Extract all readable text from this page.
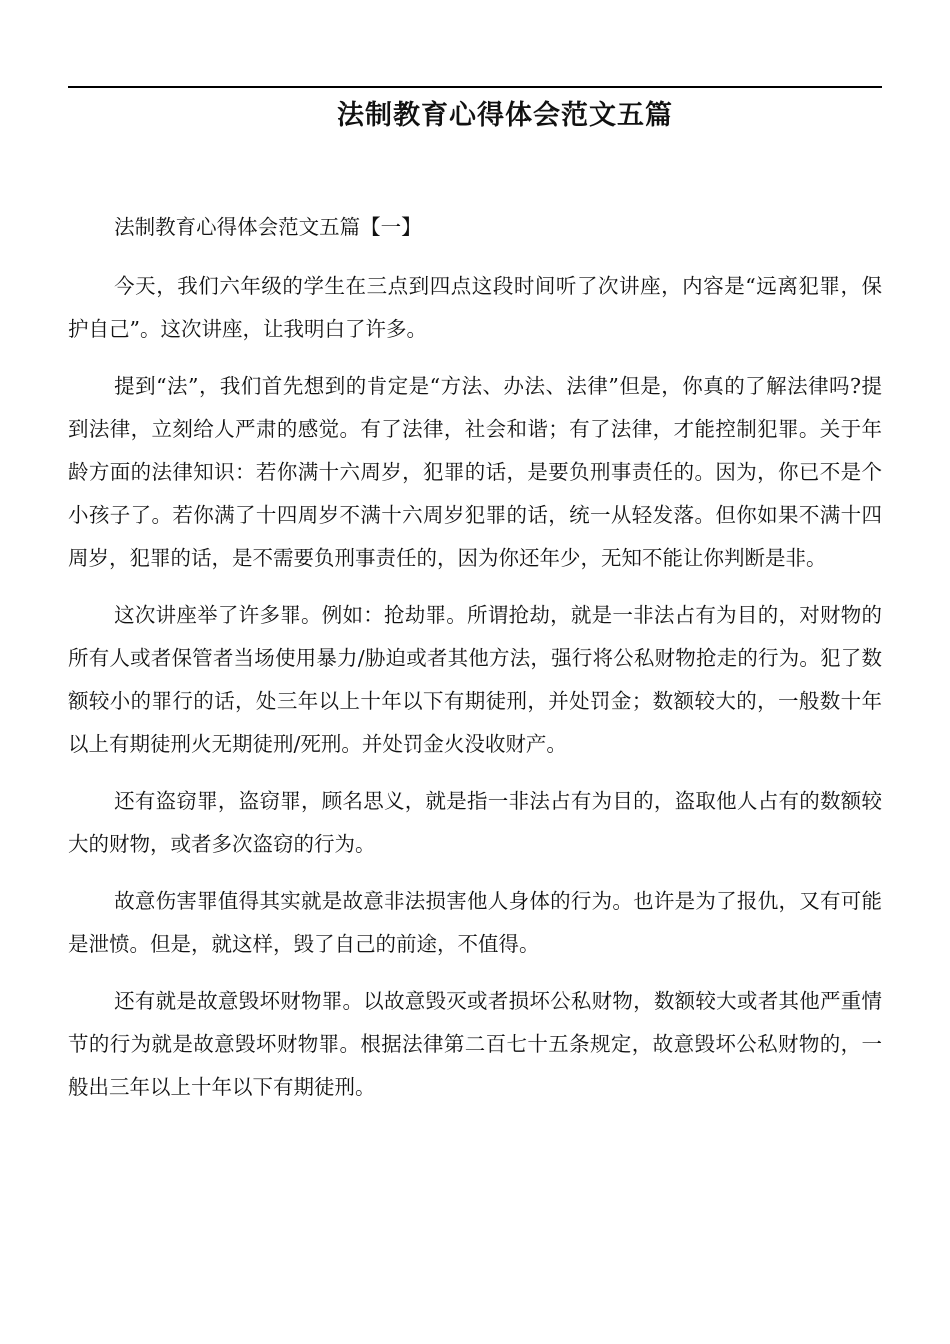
法制教育心得体会范文五篇

法制教育心得体会范文五篇【一】

今天，我们六年级的学生在三点到四点这段时间听了次讲座，内容是“远离犯罪，保护自己”。这次讲座，让我明白了许多。

提到“法”，我们首先想到的肯定是“方法、办法、法律”但是，你真的了解法律吗?提到法律，立刻给人严肃的感觉。有了法律，社会和谐；有了法律，才能控制犯罪。关于年龄方面的法律知识：若你满十六周岁，犯罪的话，是要负刑事责任的。因为，你已不是个小孩子了。若你满了十四周岁不满十六周岁犯罪的话，统一从轻发落。但你如果不满十四周岁，犯罪的话，是不需要负刑事责任的，因为你还年少，无知不能让你判断是非。

这次讲座举了许多罪。例如：抢劫罪。所谓抢劫，就是一非法占有为目的，对财物的所有人或者保管者当场使用暴力/胁迫或者其他方法，强行将公私财物抢走的行为。犯了数额较小的罪行的话，处三年以上十年以下有期徒刑，并处罚金；数额较大的，一般数十年以上有期徒刑火无期徒刑/死刑。并处罚金火没收财产。

还有盗窃罪，盗窃罪，顾名思义，就是指一非法占有为目的，盗取他人占有的数额较大的财物，或者多次盗窃的行为。

故意伤害罪值得其实就是故意非法损害他人身体的行为。也许是为了报仇，又有可能是泄愤。但是，就这样，毁了自己的前途，不值得。

还有就是故意毁坏财物罪。以故意毁灭或者损坏公私财物，数额较大或者其他严重情节的行为就是故意毁坏财物罪。根据法律第二百七十五条规定，故意毁坏公私财物的，一般出三年以上十年以下有期徒刑。
